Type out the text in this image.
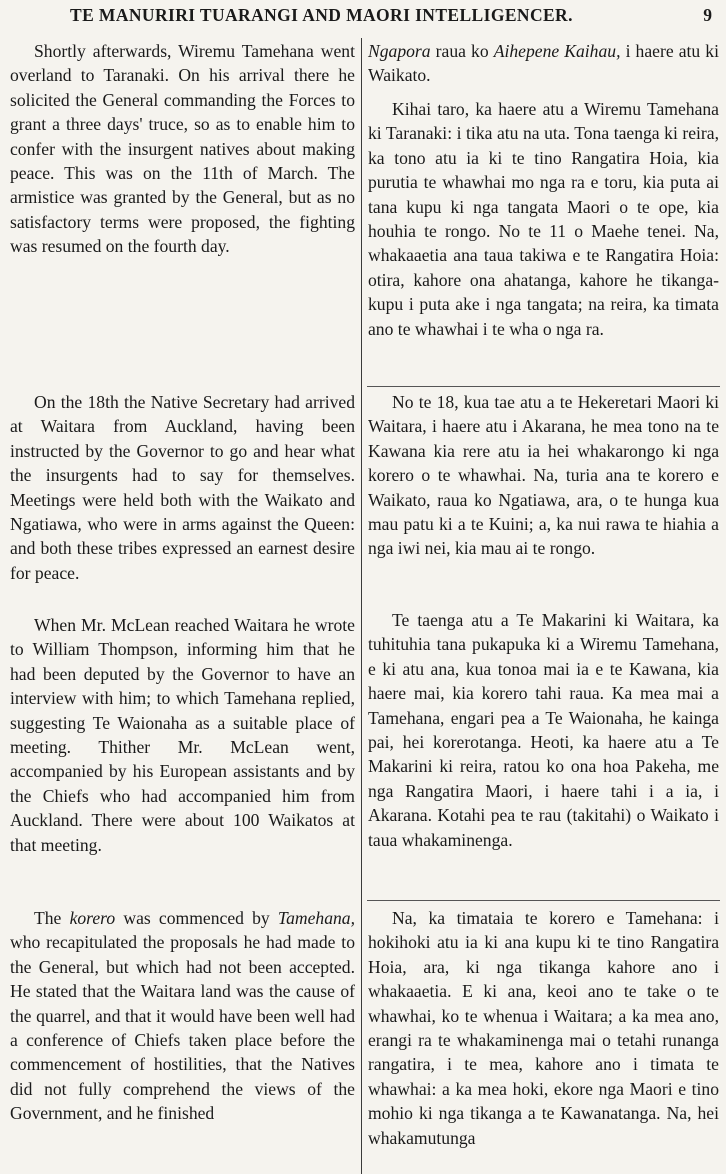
TE MANURIRI TUARANGI AND MAORI INTELLIGENCER.	9

Shortly afterwards, Wiremu Tamehana went overland to Taranaki. On his arrival there he solicited the General commanding the Forces to grant a three days' truce, so as to enable him to confer with the insurgent natives about making peace. This was on the 11th of March. The armistice was granted by the General, but as no satisfactory terms were proposed, the fighting was resumed on the fourth day.

On the 18th the Native Secretary had arrived at Waitara from Auckland, having been instructed by the Governor to go and hear what the insurgents had to say for themselves. Meetings were held both with the Waikato and Ngatiawa, who were in arms against the Queen: and both these tribes expressed an earnest desire for peace.

When Mr. McLean reached Waitara he wrote to William Thompson, informing him that he had been deputed by the Governor to have an interview with him; to which Tamehana replied, suggesting Te Waionaha as a suitable place of meeting. Thither Mr. McLean went, accompanied by his European assistants and by the Chiefs who had accompanied him from Auckland. There were about 100 Waikatos at that meeting.

The korero was commenced by Tamehana, who recapitulated the proposals he had made to the General, but which had not been accepted. He stated that the Waitara land was the cause of the quarrel, and that it would have been well had a conference of Chiefs taken place before the commencement of hostilities, that the Natives did not fully comprehend the views of the Government, and he finished

Ngapora raua ko Aihepene Kaihau, i haere atu ki Waikato.

Kihai taro, ka haere atu a Wiremu Tamehana ki Taranaki: i tika atu na uta. Tona taenga ki reira, ka tono atu ia ki te tino Rangatira Hoia, kia purutia te whawhai mo nga ra e toru, kia puta ai tana kupu ki nga tangata Maori o te ope, kia houhia te rongo. No te 11 o Maehe tenei. Na, whakaaetia ana taua takiwa e te Rangatira Hoia: otira, kahore ona ahatanga, kahore he tikanga-kupu i puta ake i nga tangata; na reira, ka timata ano te whawhai i te wha o nga ra.

No te 18, kua tae atu a te Hekeretari Maori ki Waitara, i haere atu i Akarana, he mea tono na te Kawana kia rere atu ia hei whakarongo ki nga korero o te whawhai. Na, turia ana te korero e Waikato, raua ko Ngatiawa, ara, o te hunga kua mau patu ki a te Kuini; a, ka nui rawa te hiahia a nga iwi nei, kia mau ai te rongo.

Te taenga atu a Te Makarini ki Waitara, ka tuhituhia tana pukapuka ki a Wiremu Tamehana, e ki atu ana, kua tonoa mai ia e te Kawana, kia haere mai, kia korero tahi raua. Ka mea mai a Tamehana, engari pea a Te Waionaha, he kainga pai, hei korerotanga. Heoti, ka haere atu a Te Makarini ki reira, ratou ko ona hoa Pakeha, me nga Rangatira Maori, i haere tahi i a ia, i Akarana. Kotahi pea te rau (takitahi) o Waikato i taua whakaminenga.

Na, ka timataia te korero e Tamehana: i hokihoki atu ia ki ana kupu ki te tino Rangatira Hoia, ara, ki nga tikanga kahore ano i whakaaetia. E ki ana, keoi ano te take o te whawhai, ko te whenua i Waitara; a ka mea ano, erangi ra te whakaminenga mai o tetahi runanga rangatira, i te mea, kahore ano i timata te whawhai: a ka mea hoki, ekore nga Maori e tino mohio ki nga tikanga a te Kawanatanga. Na, hei whakamutunga
